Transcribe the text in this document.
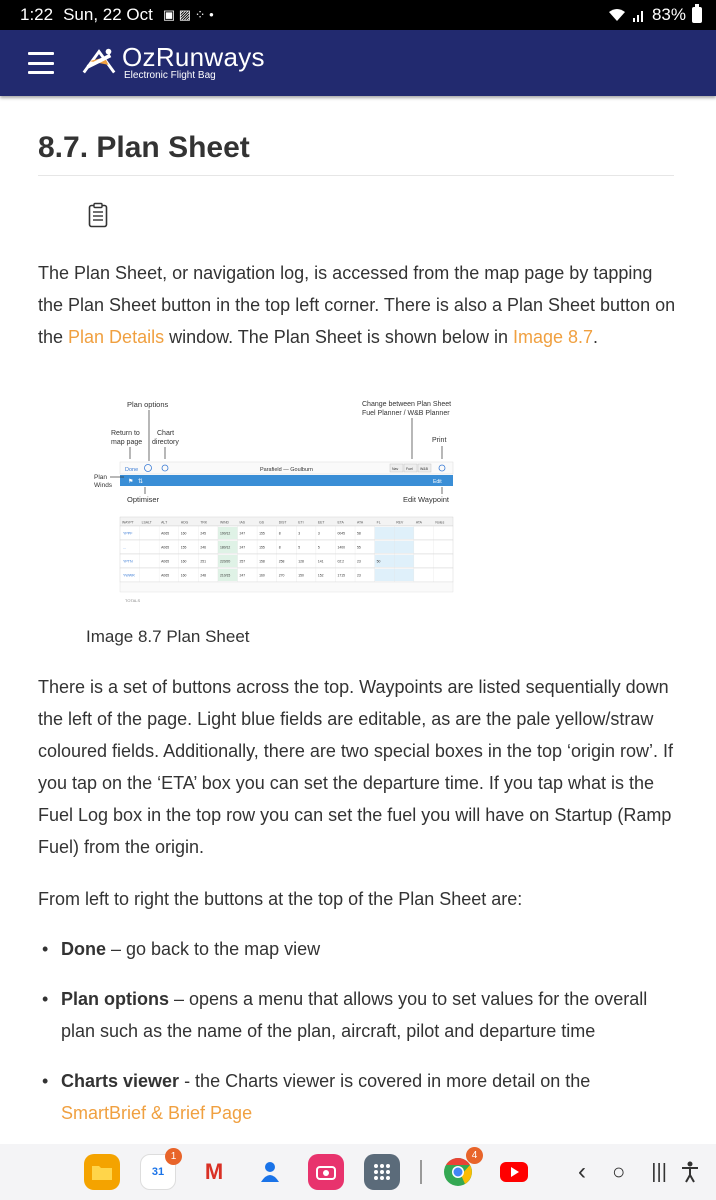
1:22 Sun, 22 Oct ▣ ▨ ⁘ •	83%
OzRunways
Electronic Flight Bag
8.7. Plan Sheet

The Plan Sheet, or navigation log, is accessed from the map page by tapping the Plan Sheet button in the top left corner. There is also a Plan Sheet button on the Plan Details window. The Plan Sheet is shown below in Image 8.7.

Plan options	Change between Plan Sheet
Fuel Planner / W&B Planner
Return to
map page
Chart
directory	Print
Done	Parafield — Goulburn	Nav Fuel W&B
⚑ ⇅	Edit
Plan
Winds
Optimiser	Edit Waypoint
WAYPT LSALT	ALT	HDG	TRK	WIND	IAS	GS	DIST	ETI	EET	ETA	ATA	FL	REV	ATA	Notes
YPPF	A065	160	245	190/12	247	155	8	3	3	0045	58
...	A065	155	246	180/12	247	155	8	5	5	1400	55
YPTN	A065	160	251	220/20	257	158	258	128	141	02:2	23	50
YWWR	A065	160	248	210/15	247	160	270	150	152	1715	23
TOTALS
Image 8.7 Plan Sheet

There is a set of buttons across the top. Waypoints are listed sequentially down the left of the page. Light blue fields are editable, as are the pale yellow/straw coloured fields. Additionally, there are two special boxes in the top ‘origin row’. If you tap on the ‘ETA’ box you can set the departure time. If you tap what is the Fuel Log box in the top row you can set the fuel you will have on Startup (Ramp Fuel) from the origin.

From left to right the buttons at the top of the Plan Sheet are:

• Done – go back to the map view
• Plan options – opens a menu that allows you to set values for the overall plan such as the name of the plan, aircraft, pilot and departure time
• Charts viewer - the Charts viewer is covered in more detail on the SmartBrief & Brief Page
31
1
M
4
‹ ○ |||
